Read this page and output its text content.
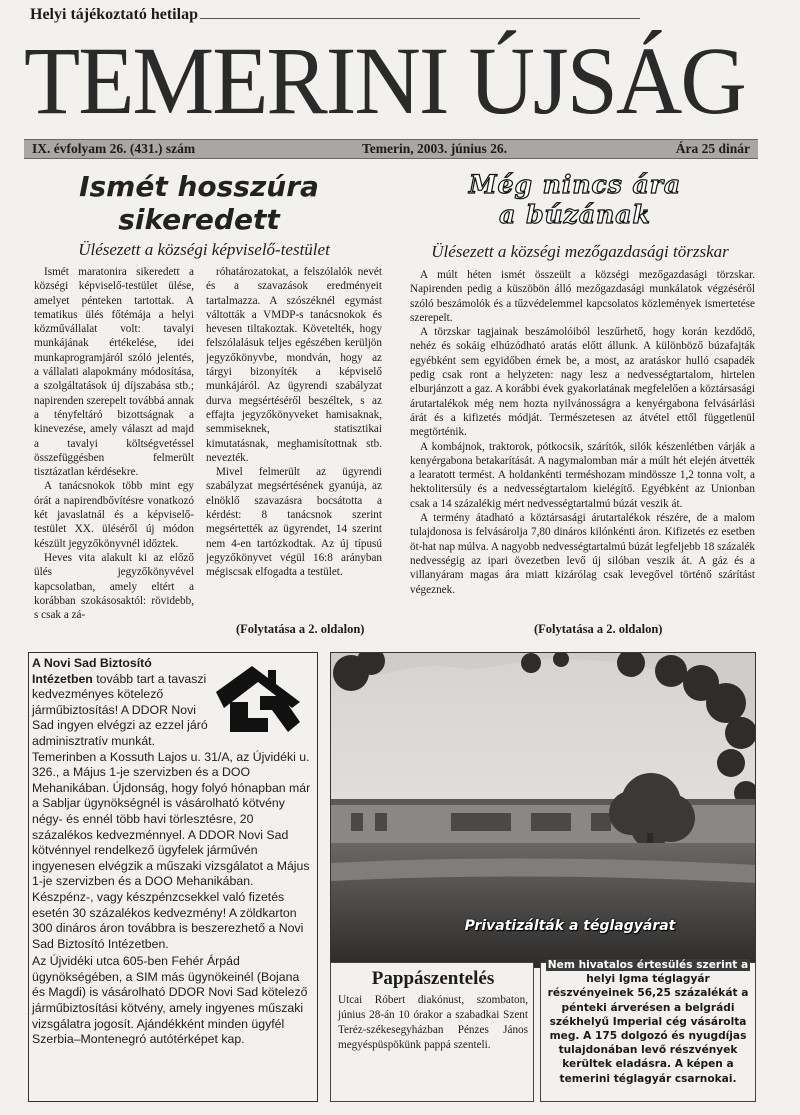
Helyi tájékoztató hetilap
TEMERINI ÚJSÁG
IX. évfolyam 26. (431.) szám	Temerin, 2003. június 26.	Ára 25 dinár
Ismét hosszúra
sikeredett
Ülésezett a községi képviselő-testület

Ismét maratonira sikeredett a községi képviselő-testület ülése, amelyet pénteken tartottak. A tematikus ülés főtémája a helyi közművállalat volt: tavalyi munkájának értékelése, idei munkaprogramjáról szóló jelentés, a vállalati alapokmány módosítása, a szolgáltatások új díjszabása stb.; napirenden szerepelt továbbá annak a tényfeltáró bizottságnak a kinevezése, amely választ ad majd a tavalyi költségvetéssel összefüggésben felmerült tisztázatlan kérdésekre.

A tanácsnokok több mint egy órát a napirendbővítésre vonatkozó két javaslatnál és a képviselő-testület XX. üléséről új módon készült jegyzőkönyvnél időztek.

Heves vita alakult ki az előző ülés jegyzőkönyvével kapcsolatban, amely eltért a korábban szokásosaktól: rövidebb, s csak a zá-

róhatározatokat, a felszólalók nevét és a szavazások eredményeit tartalmazza. A szószéknél egymást váltották a VMDP-s tanácsnokok és hevesen tiltakoztak. Követelték, hogy felszólalásuk teljes egészében kerüljön jegyzőkönyvbe, mondván, hogy az tárgyi bizonyíték a képviselő munkájáról. Az ügyrendi szabályzat durva megsértéséről beszéltek, s az effajta jegyzőkönyveket hamisaknak, semmiseknek, statisztikai kimutatásnak, meghamisítottnak stb. nevezték.

Mivel felmerült az ügyrendi szabályzat megsértésének gyanúja, az elnöklő szavazásra bocsátotta a kérdést: 8 tanácsnok szerint megsértették az ügyrendet, 14 szerint nem 4-en tartózkodtak. Az új típusú jegyzőkönyvet végül 16:8 arányban mégiscsak elfogadta a testület.

(Folytatása a 2. oldalon)
Még nincs ára
a búzának
Ülésezett a községi mezőgazdasági törzskar

A múlt héten ismét összeült a községi mezőgazdasági törzskar. Napirenden pedig a küszöbön álló mezőgazdasági munkálatok végzéséről szóló beszámolók és a tűzvédelemmel kapcsolatos közlemények ismertetése szerepelt.

A törzskar tagjainak beszámolóiból leszűrhető, hogy korán kezdődő, nehéz és sokáig elhúzódható aratás előtt állunk. A különböző búzafajták egyébként sem egyidőben érnek be, a most, az aratáskor hulló csapadék pedig csak ront a helyzeten: nagy lesz a nedvességtartalom, hirtelen elburjánzott a gaz. A korábbi évek gyakorlatának megfelelően a köztársasági árutartalékok még nem hozta nyilvánosságra a kenyérgabona felvásárlási árát és a kifizetés módját. Természetesen az átvétel ettől függetlenül megtörténik.

A kombájnok, traktorok, pótkocsik, szárítók, silók készenlétben várják a kenyérgabona betakarítását. A nagymalomban már a múlt hét elején átvették a learatott termést. A holdankénti terméshozam mindössze 1,2 tonna volt, a hektolitersúly és a nedvességtartalom kielégítő. Egyébként az Unionban csak a 14 százalékig mért nedvességtartalmú búzát veszik át.

A termény átadható a köztársasági árutartalékok részére, de a malom tulajdonosa is felvásárolja 7,80 dináros kilónkénti áron. Kifizetés ez esetben öt-hat nap múlva. A nagyobb nedvességtartalmú búzát legfeljebb 18 százalék nedvességig az ipari övezetben levő új silóban veszik át. A gáz és a villanyáram magas ára miatt kizárólag csak levegővel történő szárítást végeznek.

(Folytatása a 2. oldalon)

A Novi Sad Biztosító Intézetben tovább tart a tavaszi kedvezményes kötelező járműbiztosítás! A DDOR Novi Sad ingyen elvégzi az ezzel járó adminisztratív munkát. Temerinben a Kossuth Lajos u. 31/A, az Újvidéki u. 326., a Május 1-je szervizben és a DOO Mehanikában. Újdonság, hogy folyó hónapban már a Sabljar ügynökségnél is vásárolható kötvény négy- és ennél több havi törlesztésre, 20 százalékos kedvezménnyel. A DDOR Novi Sad kötvénnyel rendelkező ügyfelek járművén ingyenesen elvégzik a műszaki vizsgálatot a Május 1-je szervizben és a DOO Mehanikában. Készpénz-, vagy készpénzcsekkel való fizetés esetén 30 százalékos kedvezmény! A zöldkarton 300 dináros áron továbbra is beszerezhető a Novi Sad Biztosító Intézetben.

Az Újvidéki utca 605-ben Fehér Árpád ügynökségében, a SIM más ügynökeinél (Bojana és Magdi) is vásárolható DDOR Novi Sad kötelező járműbiztosítási kötvény, amely ingyenes műszaki vizsgálatra jogosít. Ajándékként minden ügyfél Szerbia–Montenegró autótérképet kap.

Privatizálták a téglagyárat
Pappászentelés
Utcai Róbert diakónust, szombaton, június 28-án 10 órakor a szabadkai Szent Teréz-székesegyházban Pénzes János megyéspüspökünk pappá szenteli.
Nem hivatalos értesülés szerint a helyi Igma téglagyár részvényeinek 56,25 százalékát a pénteki árverésen a belgrádi székhelyű Imperial cég vásárolta meg. A 175 dolgozó és nyugdíjas tulajdonában levő részvények kerültek eladásra. A képen a temerini téglagyár csarnokai.
